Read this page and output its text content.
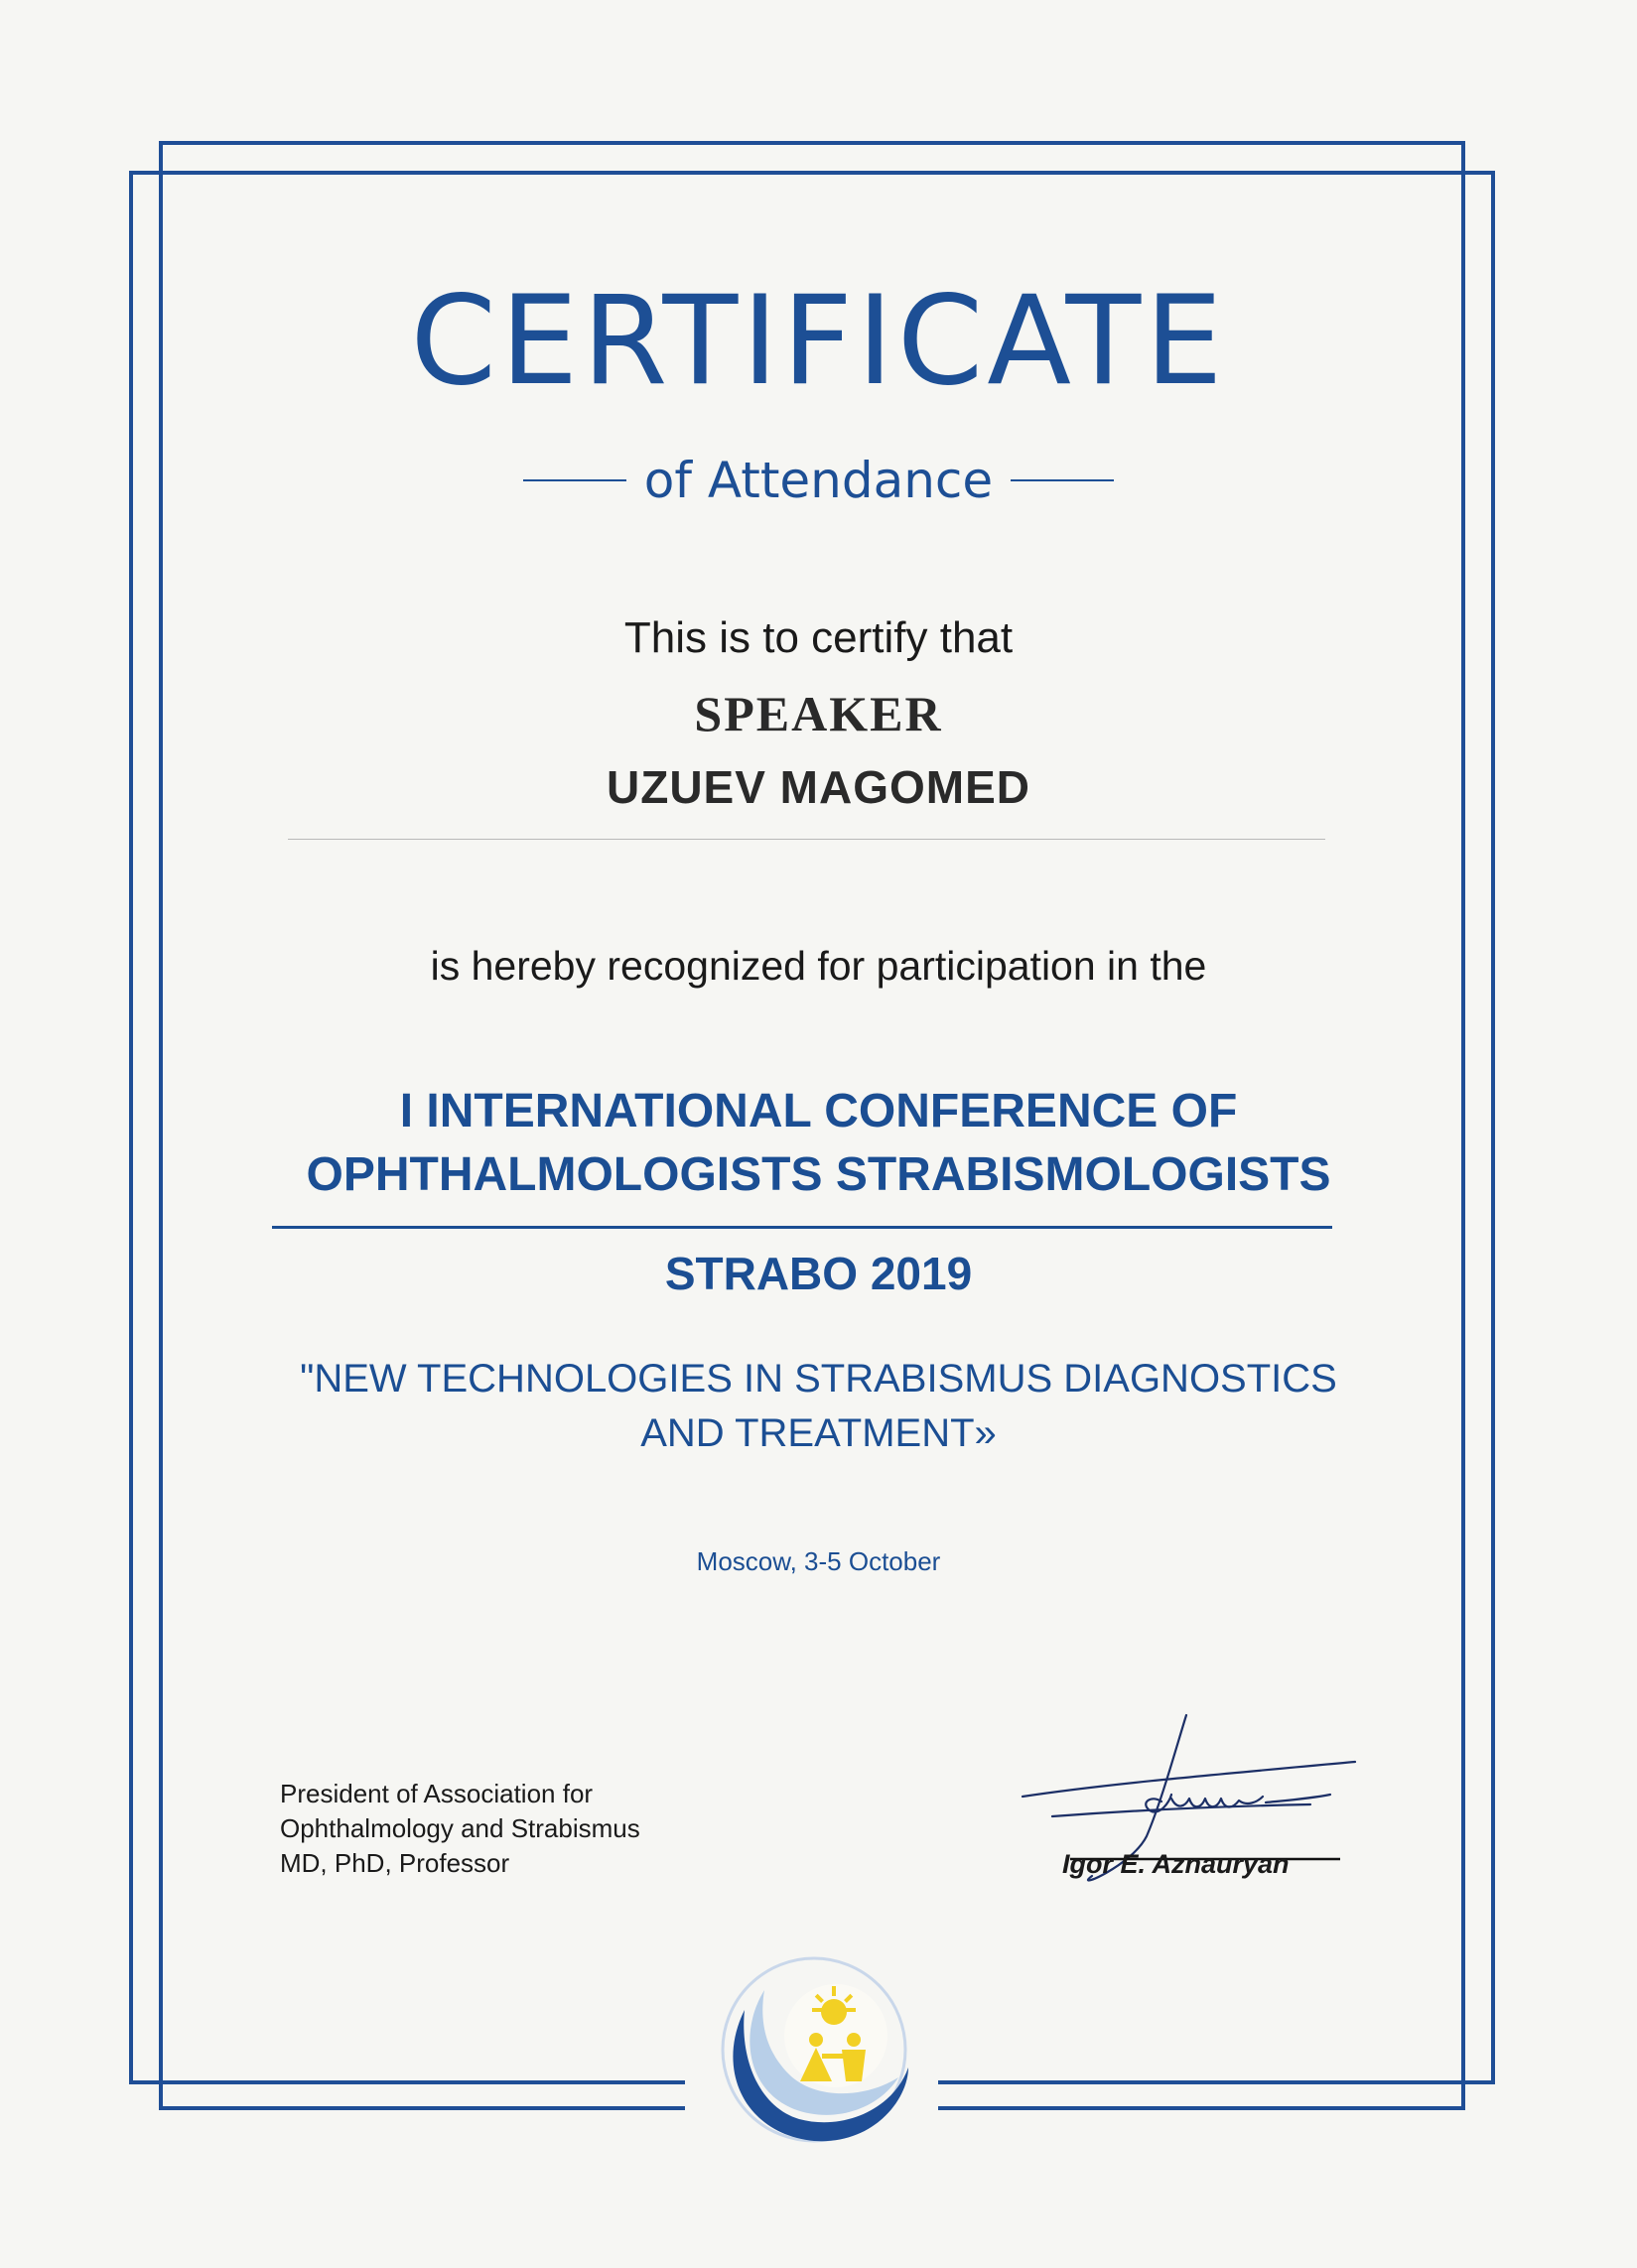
CERTIFICATE
of Attendance
This is to certify that
SPEAKER
UZUEV MAGOMED
is hereby recognized for participation in the
I INTERNATIONAL CONFERENCE OF
OPHTHALMOLOGISTS STRABISMOLOGISTS
STRABO 2019
"NEW TECHNOLOGIES IN STRABISMUS DIAGNOSTICS
AND TREATMENT»
Moscow, 3-5 October
President of Association for
Ophthalmology and Strabismus
MD, PhD, Professor	Igor E. Aznauryan
